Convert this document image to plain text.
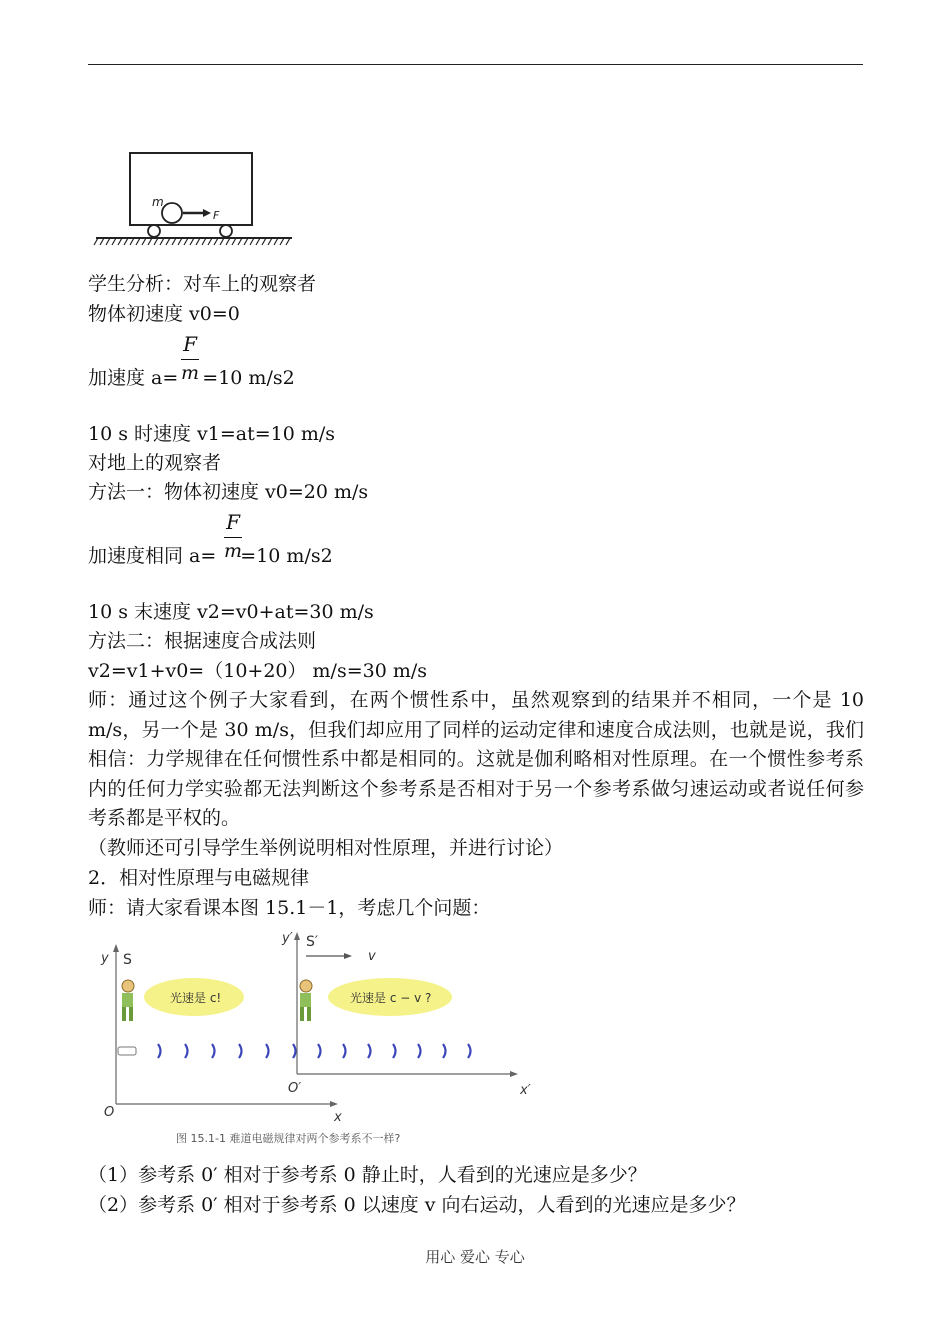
m
F
学生分析：对车上的观察者
物体初速度 v0=0
$\frac{F}{m}$
加速度 a= =10 m/s2
10 s 时速度 v1=at=10 m/s
对地上的观察者
方法一：物体初速度 v0=20 m/s
$\frac{F}{m}$
加速度相同 a= =10 m/s2
10 s 末速度 v2=v0+at=30 m/s
方法二：根据速度合成法则
v2=v1+v0=（10+20） m/s=30 m/s
师：通过这个例子大家看到，在两个惯性系中，虽然观察到的结果并不相同，一个是 10 m/s，另一个是 30 m/s，但我们却应用了同样的运动定律和速度合成法则，也就是说，我们相信：力学规律在任何惯性系中都是相同的。这就是伽利略相对性原理。在一个惯性参考系内的任何力学实验都无法判断这个参考系是否相对于另一个参考系做匀速运动或者说任何参考系都是平权的。
（教师还可引导学生举例说明相对性原理，并进行讨论）
2．相对性原理与电磁规律
师：请大家看课本图 15.1－1，考虑几个问题：
y S
O	x
y′ S′
v
O′	x′
光速是 c!	光速是 c − v ?
图 15.1-1 难道电磁规律对两个参考系不一样?
（1）参考系 0′ 相对于参考系 0 静止时，人看到的光速应是多少？
（2）参考系 0′ 相对于参考系 0 以速度 v 向右运动，人看到的光速应是多少？
用心 爱心 专心
